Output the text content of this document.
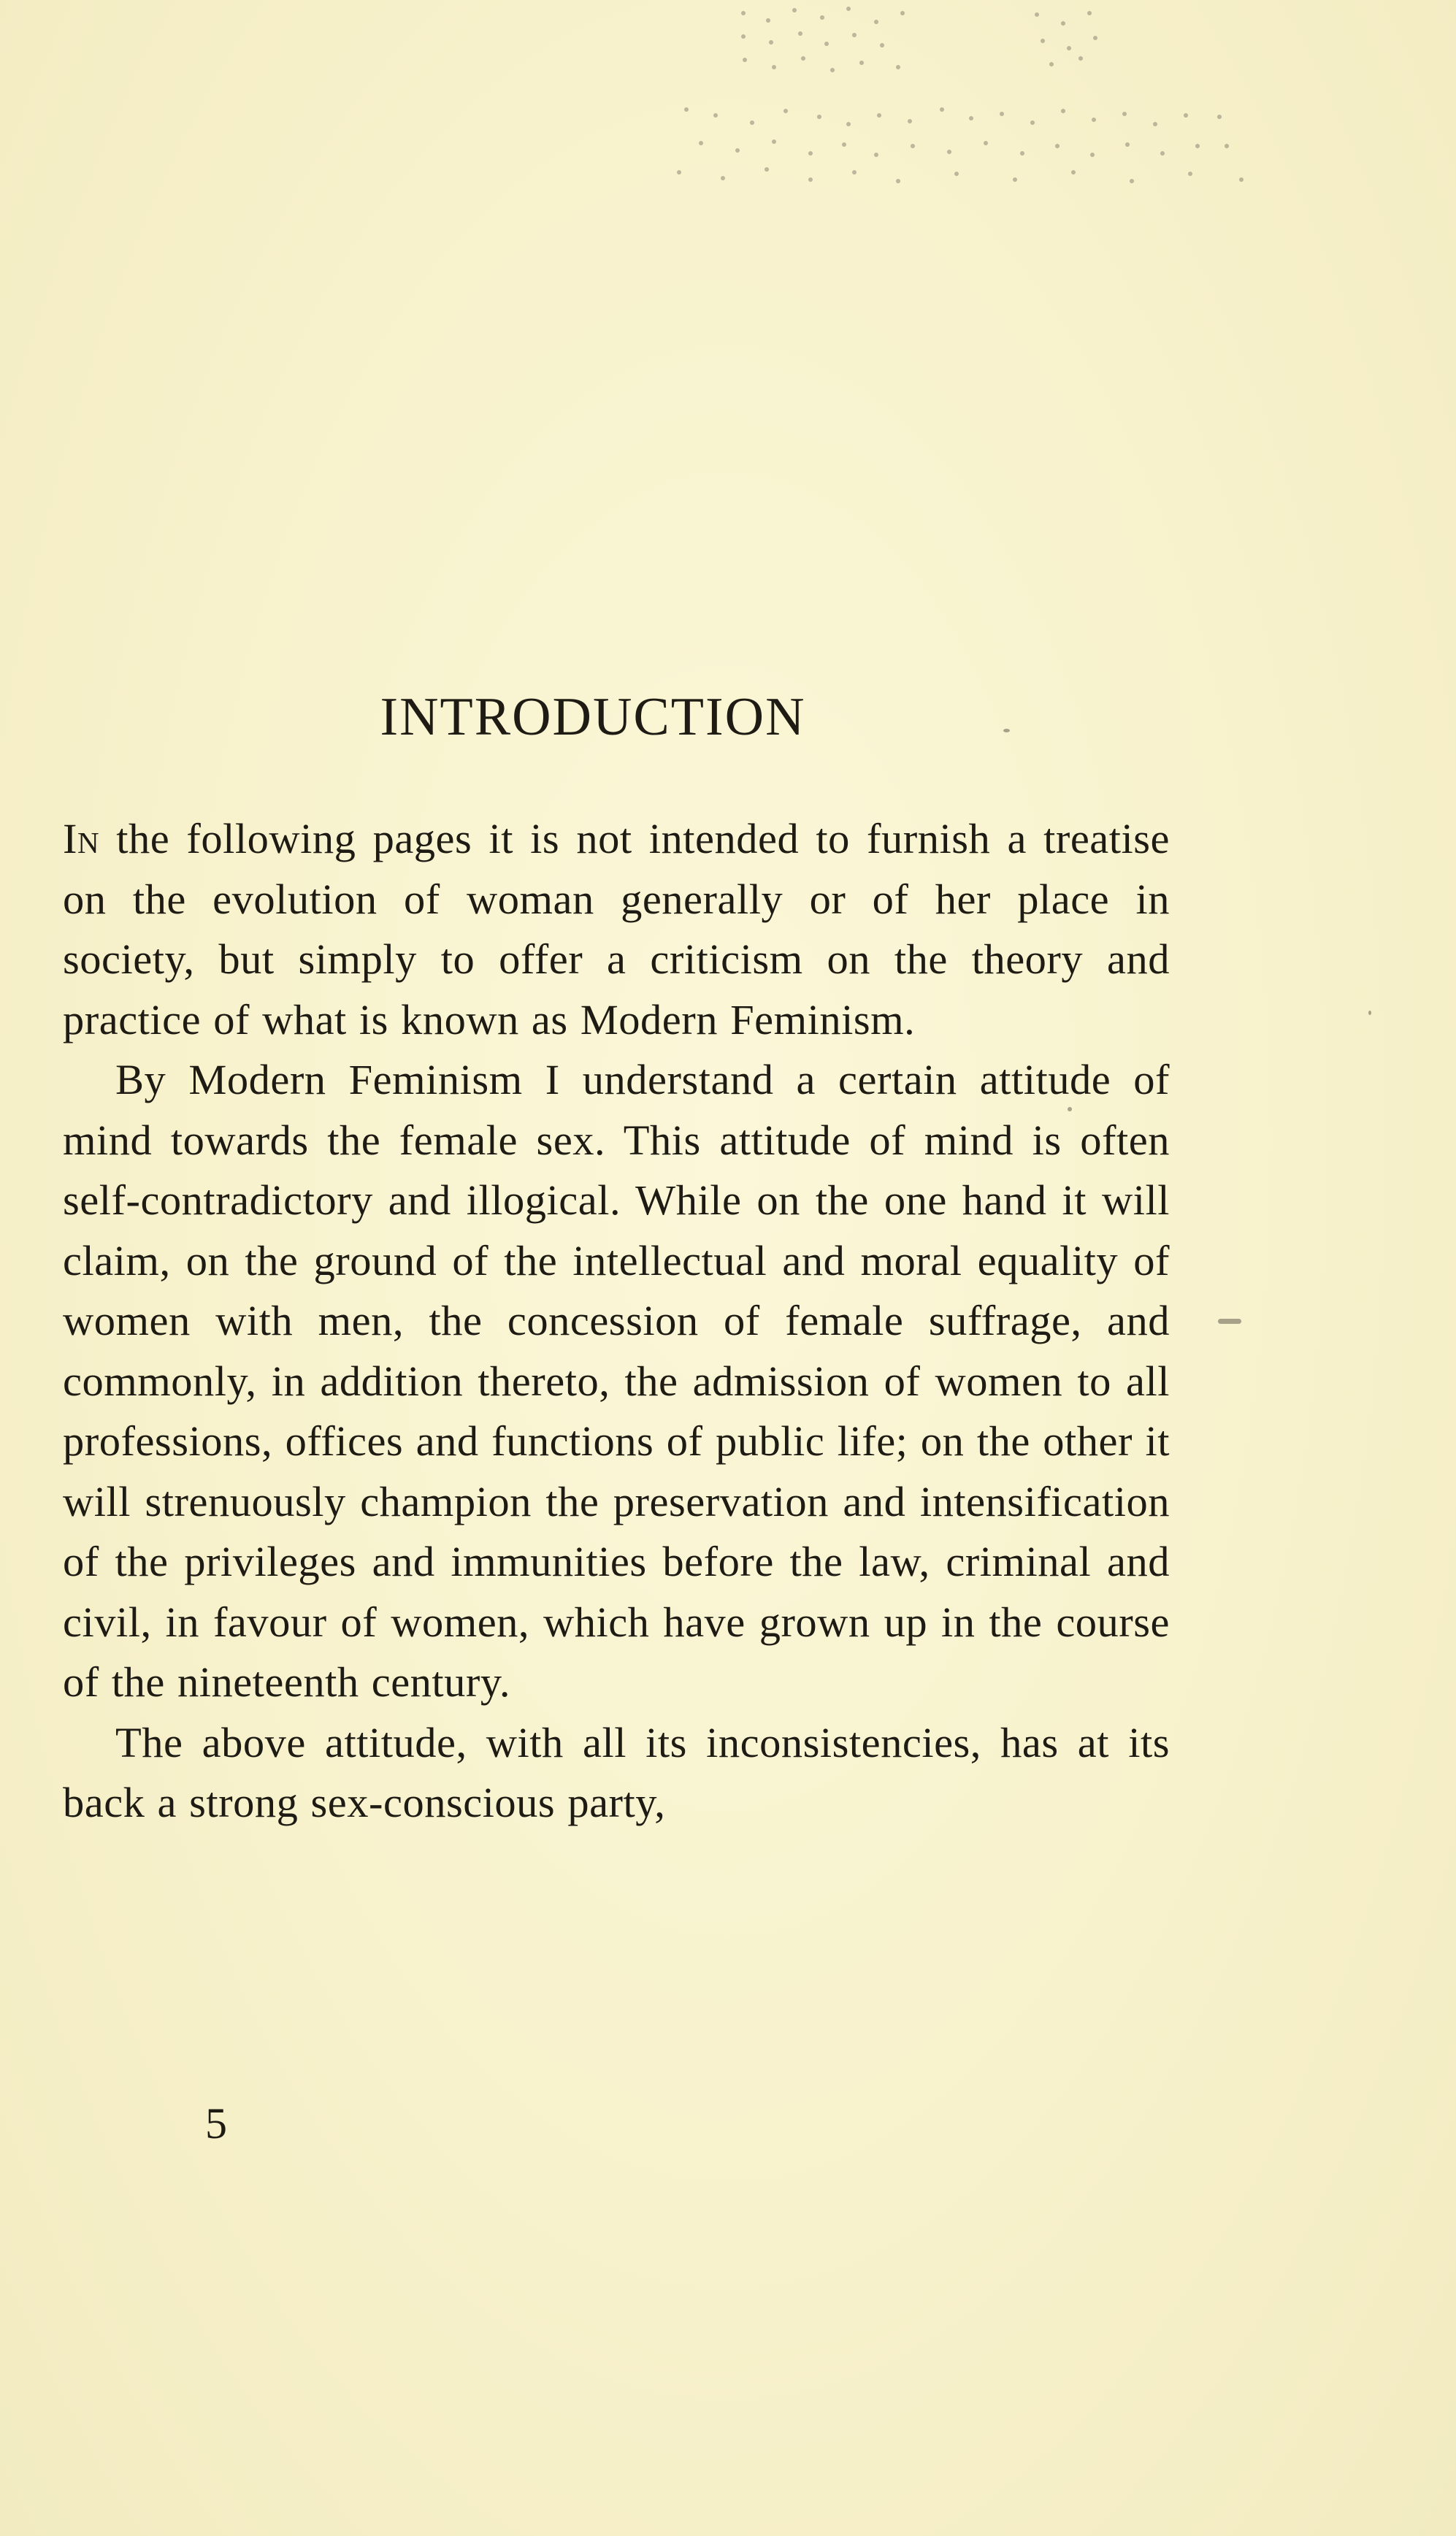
INTRODUCTION

In the following pages it is not intended to furnish a treatise on the evolution of woman generally or of her place in society, but simply to offer a criticism on the theory and practice of what is known as Modern Feminism.

By Modern Feminism I understand a certain attitude of mind towards the female sex. This attitude of mind is often self-contradictory and illogical. While on the one hand it will claim, on the ground of the intellectual and moral equality of women with men, the concession of female suffrage, and commonly, in addition thereto, the admission of women to all professions, offices and functions of public life; on the other it will strenuously champion the preservation and intensification of the privileges and immunities before the law, criminal and civil, in favour of women, which have grown up in the course of the nineteenth century.

The above attitude, with all its inconsistencies, has at its back a strong sex-conscious party,

5
